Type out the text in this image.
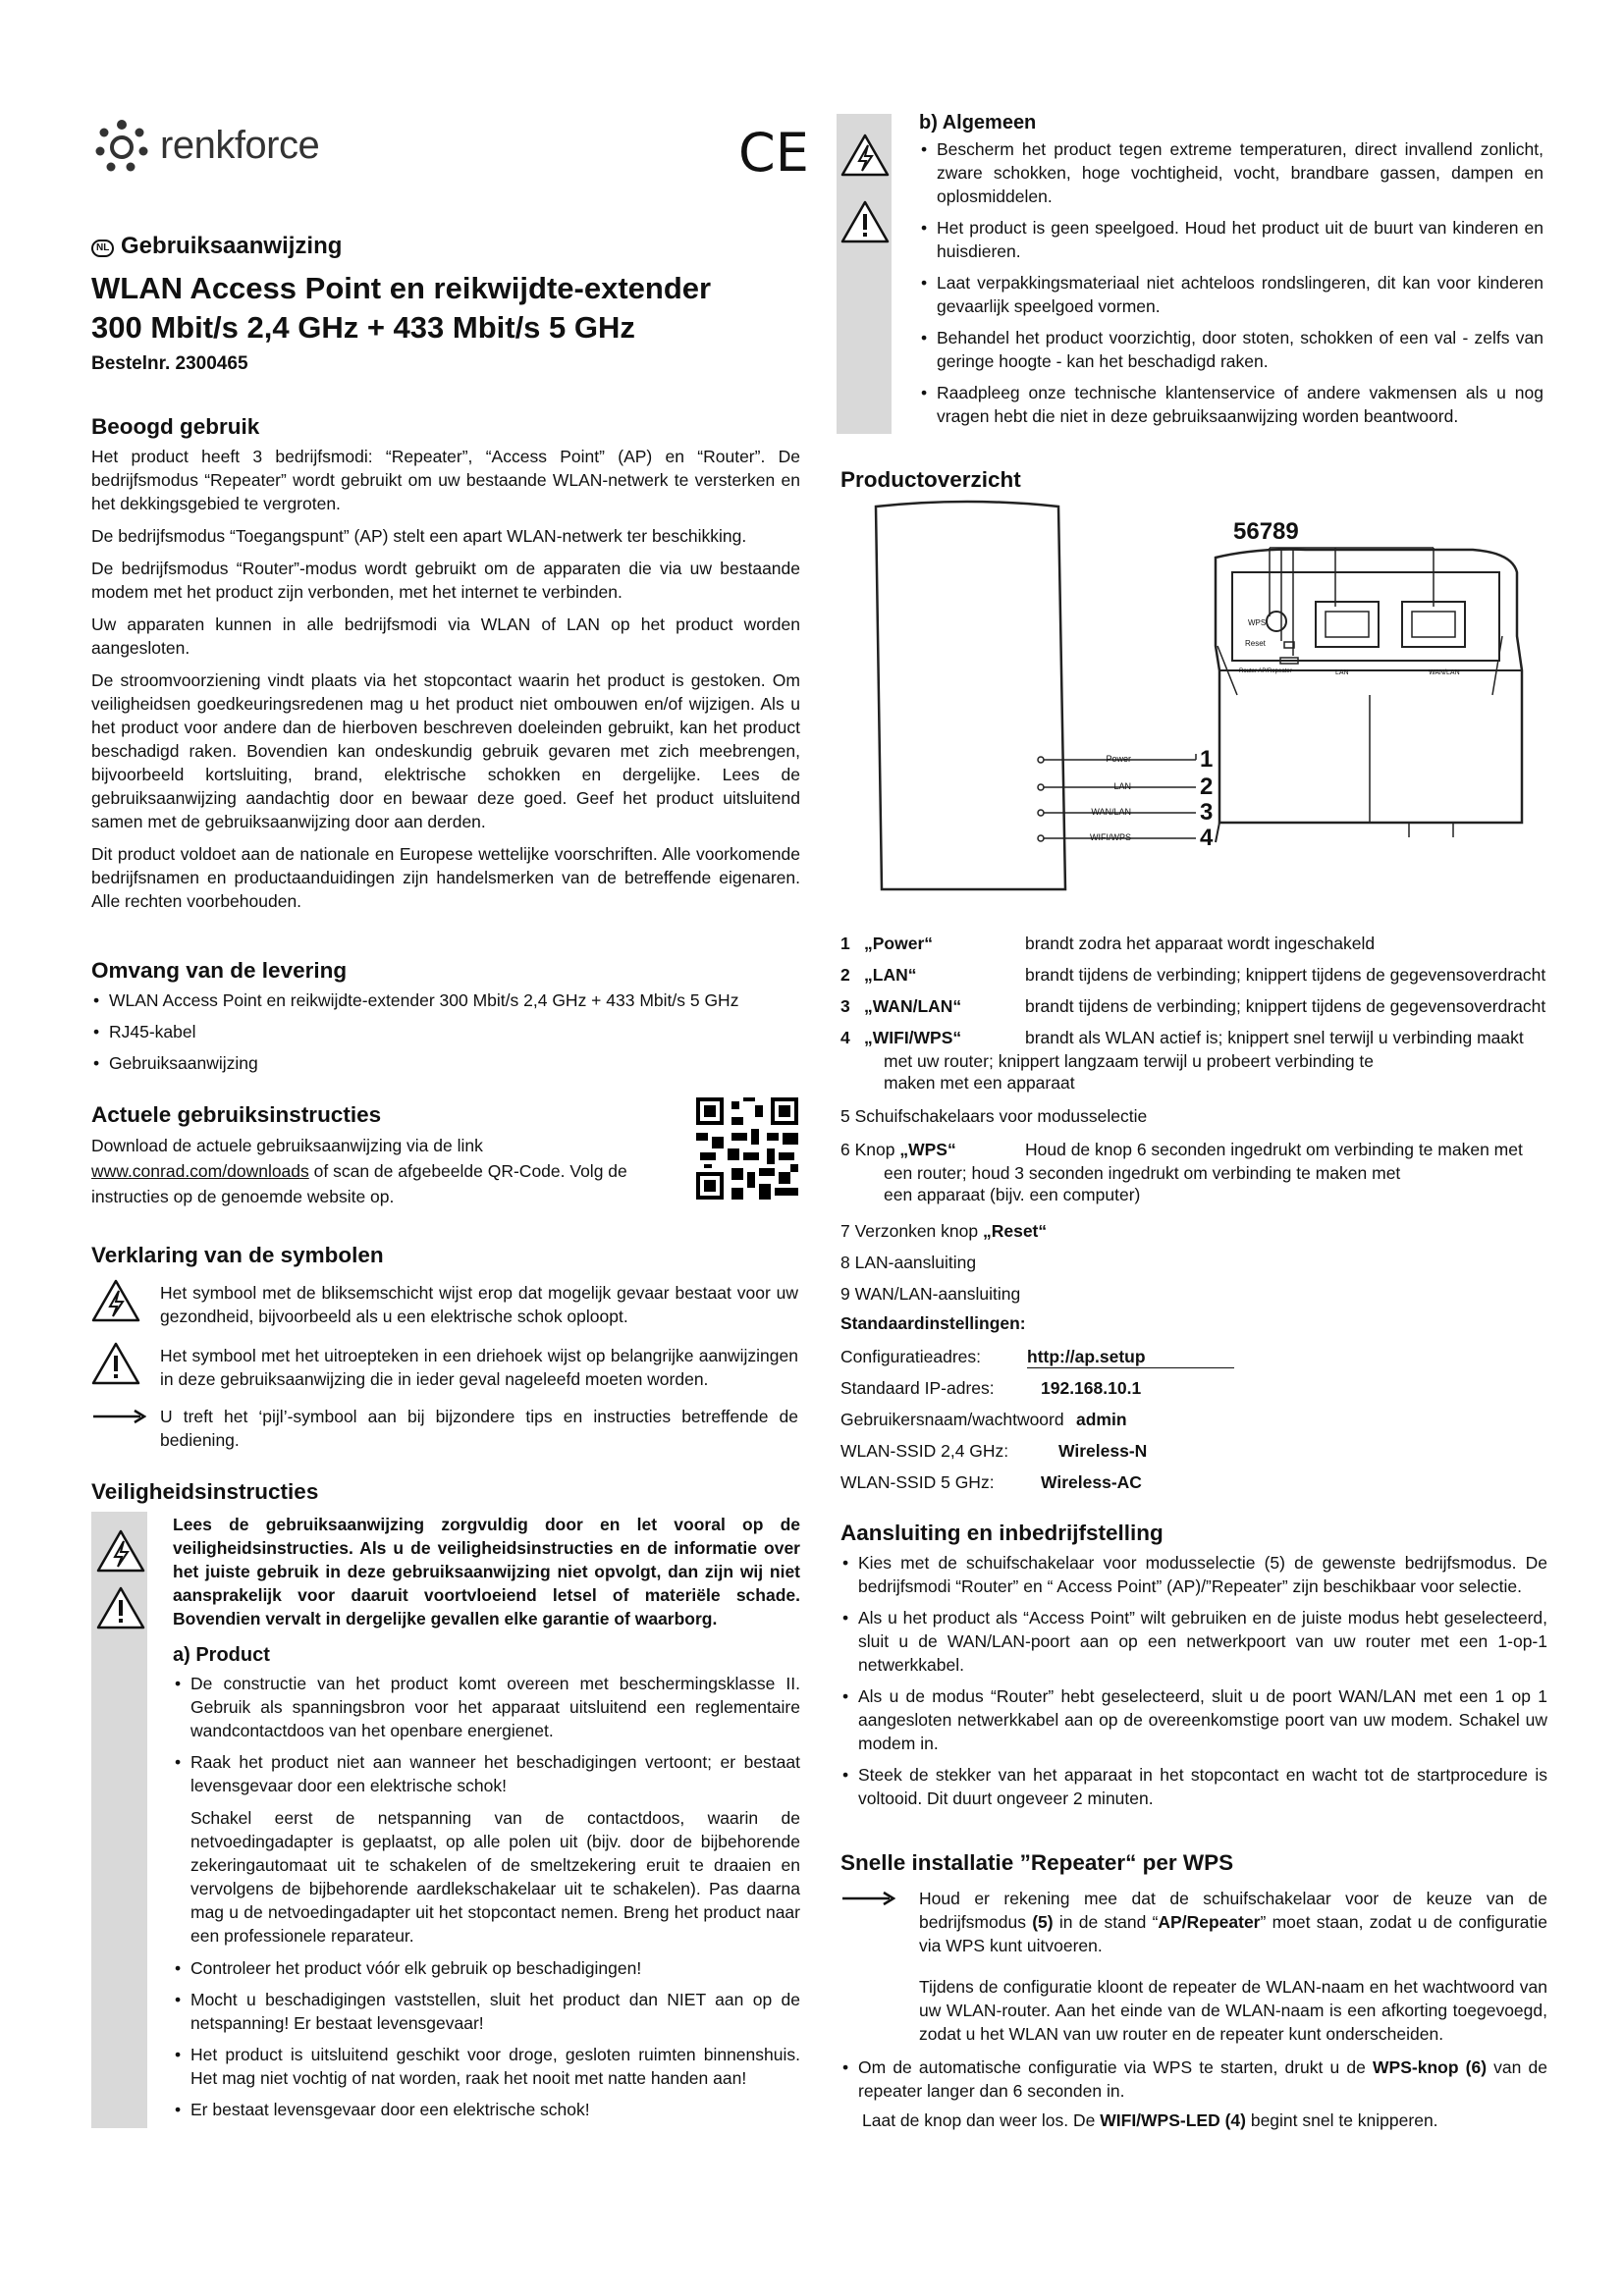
renkforce	CE
NL Gebruiksaanwijzing
WLAN Access Point en reikwijdte-extender
300 Mbit/s 2,4 GHz + 433 Mbit/s 5 GHz
Bestelnr. 2300465
Beoogd gebruik

Het product heeft 3 bedrijfsmodi: “Repeater”, “Access Point” (AP) en “Router”. De bedrijfsmodus “Repeater” wordt gebruikt om uw bestaande WLAN-netwerk te versterken en het dekkingsgebied te vergroten.

De bedrijfsmodus “Toegangspunt” (AP) stelt een apart WLAN-netwerk ter beschikking.

De bedrijfsmodus “Router”-modus wordt gebruikt om de apparaten die via uw bestaande modem met het product zijn verbonden, met het internet te verbinden.

Uw apparaten kunnen in alle bedrijfsmodi via WLAN of LAN op het product worden aangesloten.

De stroomvoorziening vindt plaats via het stopcontact waarin het product is gestoken. Om veiligheidsen goedkeuringsredenen mag u het product niet ombouwen en/of wijzigen. Als u het product voor andere dan de hierboven beschreven doeleinden gebruikt, kan het product beschadigd raken. Bovendien kan ondeskundig gebruik gevaren met zich meebrengen, bijvoorbeeld kortsluiting, brand, elektrische schokken en dergelijke. Lees de gebruiksaanwijzing aandachtig door en bewaar deze goed. Geef het product uitsluitend samen met de gebruiksaanwijzing door aan derden.

Dit product voldoet aan de nationale en Europese wettelijke voorschriften. Alle voorkomende bedrijfsnamen en productaanduidingen zijn handelsmerken van de betreffende eigenaren. Alle rechten voorbehouden.

Omvang van de levering
• WLAN Access Point en reikwijdte-extender 300 Mbit/s 2,4 GHz + 433 Mbit/s 5 GHz
• RJ45-kabel
• Gebruiksaanwijzing
Actuele gebruiksinstructies
Download de actuele gebruiksaanwijzing via de link
www.conrad.com/downloads of scan de afgebeelde QR-Code. Volg de instructies op de genoemde website op.
Verklaring van de symbolen

Het symbool met de bliksemschicht wijst erop dat mogelijk gevaar bestaat voor uw gezondheid, bijvoorbeeld als u een elektrische schok oploopt.

Het symbool met het uitroepteken in een driehoek wijst op belangrijke aanwijzingen in deze gebruiksaanwijzing die in ieder geval nageleefd moeten worden.

U treft het ‘pijl’-symbool aan bij bijzondere tips en instructies betreffende de bediening.

Veiligheidsinstructies

Lees de gebruiksaanwijzing zorgvuldig door en let vooral op de veiligheidsinstructies. Als u de veiligheidsinstructies en de informatie over het juiste gebruik in deze gebruiksaanwijzing niet opvolgt, dan zijn wij niet aansprakelijk voor daaruit voortvloeiend letsel of materiële schade. Bovendien vervalt in dergelijke gevallen elke garantie of waarborg.

a) Product
• De constructie van het product komt overeen met beschermingsklasse II. Gebruik als spanningsbron voor het apparaat uitsluitend een reglementaire wandcontactdoos van het openbare energienet.
• Raak het product niet aan wanneer het beschadigingen vertoont; er bestaat levensgevaar door een elektrische schok!

Schakel eerst de netspanning van de contactdoos, waarin de netvoedingadapter is geplaatst, op alle polen uit (bijv. door de bijbehorende zekeringautomaat uit te schakelen of de smeltzekering eruit te draaien en vervolgens de bijbehorende aardlekschakelaar uit te schakelen). Pas daarna mag u de netvoedingadapter uit het stopcontact nemen. Breng het product naar een professionele reparateur.

• Controleer het product vóór elk gebruik op beschadigingen!
• Mocht u beschadigingen vaststellen, sluit het product dan NIET aan op de netspanning! Er bestaat levensgevaar!
• Het product is uitsluitend geschikt voor droge, gesloten ruimten binnenshuis. Het mag niet vochtig of nat worden, raak het nooit met natte handen aan!
• Er bestaat levensgevaar door een elektrische schok!
b) Algemeen
• Bescherm het product tegen extreme temperaturen, direct invallend zonlicht, zware schokken, hoge vochtigheid, vocht, brandbare gassen, dampen en oplosmiddelen.
• Het product is geen speelgoed. Houd het product uit de buurt van kinderen en huisdieren.
• Laat verpakkingsmateriaal niet achteloos rondslingeren, dit kan voor kinderen gevaarlijk speelgoed vormen.
• Behandel het product voorzichtig, door stoten, schokken of een val - zelfs van geringe hoogte - kan het beschadigd raken.
• Raadpleeg onze technische klantenservice of andere vakmensen als u nog vragen hebt die niet in deze gebruiksaanwijzing worden beantwoord.
Productoverzicht
56789
WPS
Reset
Router AP/Repeater	LAN	WAN/LAN
Power
LAN
WAN/LAN
WIFI/WPS
1
2
3
4
1 „Power“	brandt zodra het apparaat wordt ingeschakeld
2 „LAN“	brandt tijdens de verbinding; knippert tijdens de gegevensoverdracht
3 „WAN/LAN“	brandt tijdens de verbinding; knippert tijdens de gegevensoverdracht
4 „WIFI/WPS“	brandt als WLAN actief is; knippert snel terwijl u verbinding maakt
met uw router; knippert langzaam terwijl u probeert verbinding te maken met een apparaat
5 Schuifschakelaars voor modusselectie
6 Knop „WPS“	Houd de knop 6 seconden ingedrukt om verbinding te maken met
een router; houd 3 seconden ingedrukt om verbinding te maken met een apparaat (bijv. een computer)
7 Verzonken knop „Reset“
8 LAN-aansluiting
9 WAN/LAN-aansluiting
Standaardinstellingen:
Configuratieadres:	http://ap.setup
Standaard IP-adres:	192.168.10.1
Gebruikersnaam/wachtwoord admin
WLAN-SSID 2,4 GHz:	Wireless-N
WLAN-SSID 5 GHz:	Wireless-AC
Aansluiting en inbedrijfstelling
• Kies met de schuifschakelaar voor modusselectie (5) de gewenste bedrijfsmodus. De bedrijfsmodi “Router” en “ Access Point” (AP)/”Repeater” zijn beschikbaar voor selectie.
• Als u het product als “Access Point” wilt gebruiken en de juiste modus hebt geselecteerd, sluit u de WAN/LAN-poort aan op een netwerkpoort van uw router met een 1-op-1 netwerkkabel.
• Als u de modus “Router” hebt geselecteerd, sluit u de poort WAN/LAN met een 1 op 1 aangesloten netwerkkabel aan op de overeenkomstige poort van uw modem. Schakel uw modem in.
• Steek de stekker van het apparaat in het stopcontact en wacht tot de startprocedure is voltooid. Dit duurt ongeveer 2 minuten.
Snelle installatie ”Repeater“ per WPS

Houd er rekening mee dat de schuifschakelaar voor de keuze van de bedrijfsmodus (5) in de stand “AP/Repeater” moet staan, zodat u de configuratie via WPS kunt uitvoeren.

Tijdens de configuratie kloont de repeater de WLAN-naam en het wachtwoord van uw WLAN-router. Aan het einde van de WLAN-naam is een afkorting toegevoegd, zodat u het WLAN van uw router en de repeater kunt onderscheiden.

• Om de automatische configuratie via WPS te starten, drukt u de WPS-knop (6) van de repeater langer dan 6 seconden in.

Laat de knop dan weer los. De WIFI/WPS-LED (4) begint snel te knipperen.
